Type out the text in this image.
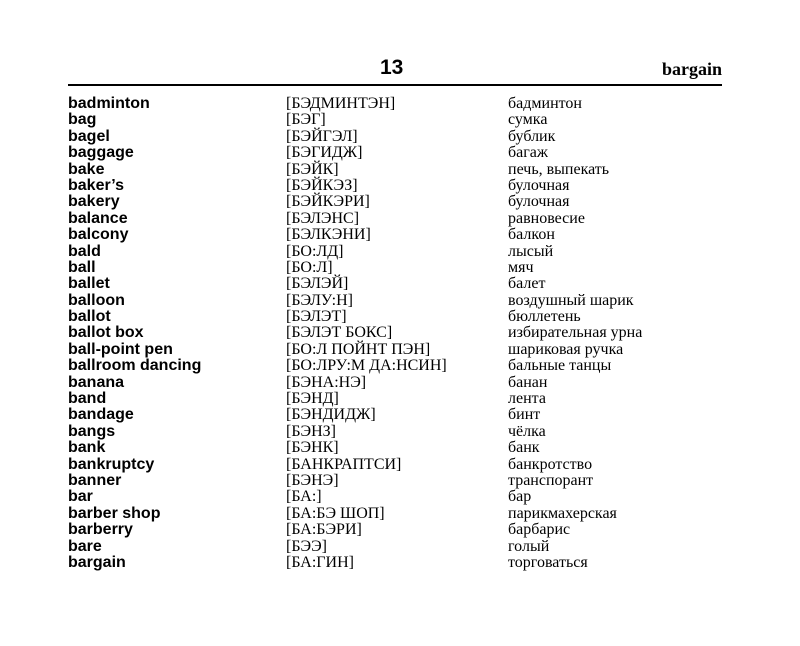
13	bargain
badminton	[БЭДМИНТЭН]	бадминтон
bag	[БЭГ]	сумка
bagel	[БЭЙГЭЛ]	бублик
baggage	[БЭГИДЖ]	багаж
bake	[БЭЙК]	печь, выпекать
baker’s	[БЭЙКЭЗ]	булочная
bakery	[БЭЙКЭРИ]	булочная
balance	[БЭЛЭНС]	равновесие
balcony	[БЭЛКЭНИ]	балкон
bald	[БО:ЛД]	лысый
ball	[БО:Л]	мяч
ballet	[БЭЛЭЙ]	балет
balloon	[БЭЛУ:Н]	воздушный шарик
ballot	[БЭЛЭТ]	бюллетень
ballot box	[БЭЛЭТ БОКС]	избирательная урна
ball-point pen	[БО:Л ПОЙНТ ПЭН]	шариковая ручка
ballroom dancing	[БО:ЛРУ:М ДА:НСИН]	бальные танцы
banana	[БЭНА:НЭ]	банан
band	[БЭНД]	лента
bandage	[БЭНДИДЖ]	бинт
bangs	[БЭНЗ]	чёлка
bank	[БЭНК]	банк
bankruptcy	[БАНКРАПТСИ]	банкротство
banner	[БЭНЭ]	транспорант
bar	[БА:]	бар
barber shop	[БА:БЭ ШОП]	парикмахерская
barberry	[БА:БЭРИ]	барбарис
bare	[БЭЭ]	голый
bargain	[БА:ГИН]	торговаться
